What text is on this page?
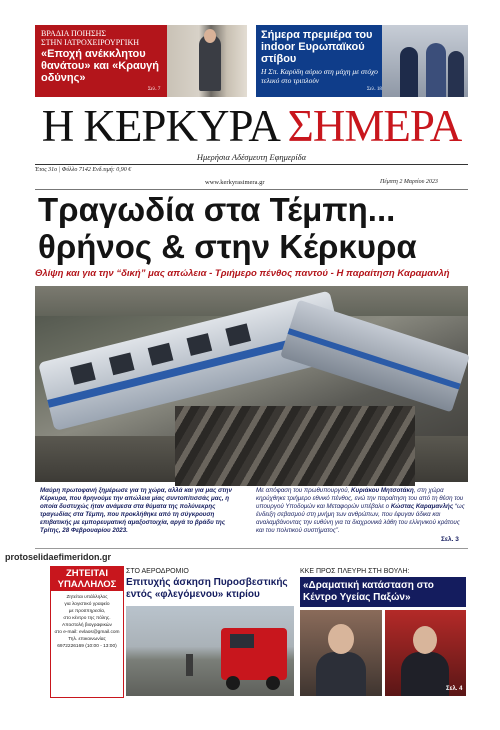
ΒΡΑΔΙΑ ΠΟΙΗΣΗΣ
ΣΤΗΝ ΙΑΤΡΟΧΕΙΡΟΥΡΓΙΚΗ
«Εποχή ανέκκλητου θανάτου» και «Κραυγή οδύνης»
Σελ. 7
Σήμερα πρεμιέρα του indoor Ευρωπαϊκού στίβου
Η Σπ. Καρύδη αύριο στη μάχη με στόχο τελικό στο τριπλούν
Σελ. 18
Η ΚΕΡΚΥΡΑ ΣΗΜΕΡΑ
Ημερήσια Αδέσμευτη Εφημερίδα
Έτος 31ο | Φύλλο 7142 Ενδ.τιμή: 0,90 €
www.kerkyrasimera.gr	Πέμπτη 2 Μαρτίου 2023
Τραγωδία στα Τέμπη...
θρήνος & στην Κέρκυρα
Θλίψη και για την “δική” μας απώλεια - Τριήμερο πένθος παντού - Η παραίτηση Καραμανλή
Μαύρη πρωτοφανή ξημέρωσε για τη χώρα, αλλά και για μας στην Κέρκυρα, που θρηνούμε την απώλεια μίας συντοπίτισσάς μας, η οποία δυστυχώς ήταν ανάμεσα στα θύματα της πολύνεκρης τραγωδίας στα Τέμπη, που προκλήθηκε από τη σύγκρουση επιβατικής με εμπορευματική αμαξοστοιχία, αργά το βράδυ της Τρίτης, 28 Φεβρουαρίου 2023.
Με απόφαση του πρωθυπουργού, Κυριάκου Μητσοτάκη, στη χώρα κηρύχθηκε τριήμερο εθνικό πένθος, ενώ την παραίτηση του από τη θέση του υπουργού Υποδομών και Μεταφορών υπέβαλε ο Κώστας Καραμανλής “ως ένδειξη σεβασμού στη μνήμη των ανθρώπων, που έφυγαν άδικα και αναλαμβάνοντας την ευθύνη για τα διαχρονικά λάθη του ελληνικού κράτους και του πολιτικού συστήματος”.
Σελ. 3
protoselidaefimeridon.gr
ΖΗΤΕΙΤΑΙ ΥΠΑΛΛΗΛΟΣ
Ζητείται υπάλληλος
για λογιστικό γραφείο
με προϋπηρεσία,
στο κέντρο της πόλης.
Αποστολή βιογραφικών
στο e-mail: evlaos@gmail.com
Τηλ. επικοινωνίας
6972226169 (10:00 - 13:00)
ΣΤΟ ΑΕΡΟΔΡΟΜΙΟ
Επιτυχής άσκηση Πυροσβεστικής εντός «φλεγόμενου» κτιρίου
Σελ. 9
ΚΚΕ ΠΡΟΣ ΠΛΕΥΡΗ ΣΤΗ ΒΟΥΛΗ:
«Δραματική κατάσταση στο Κέντρο Υγείας Παξών»
Σελ. 4
